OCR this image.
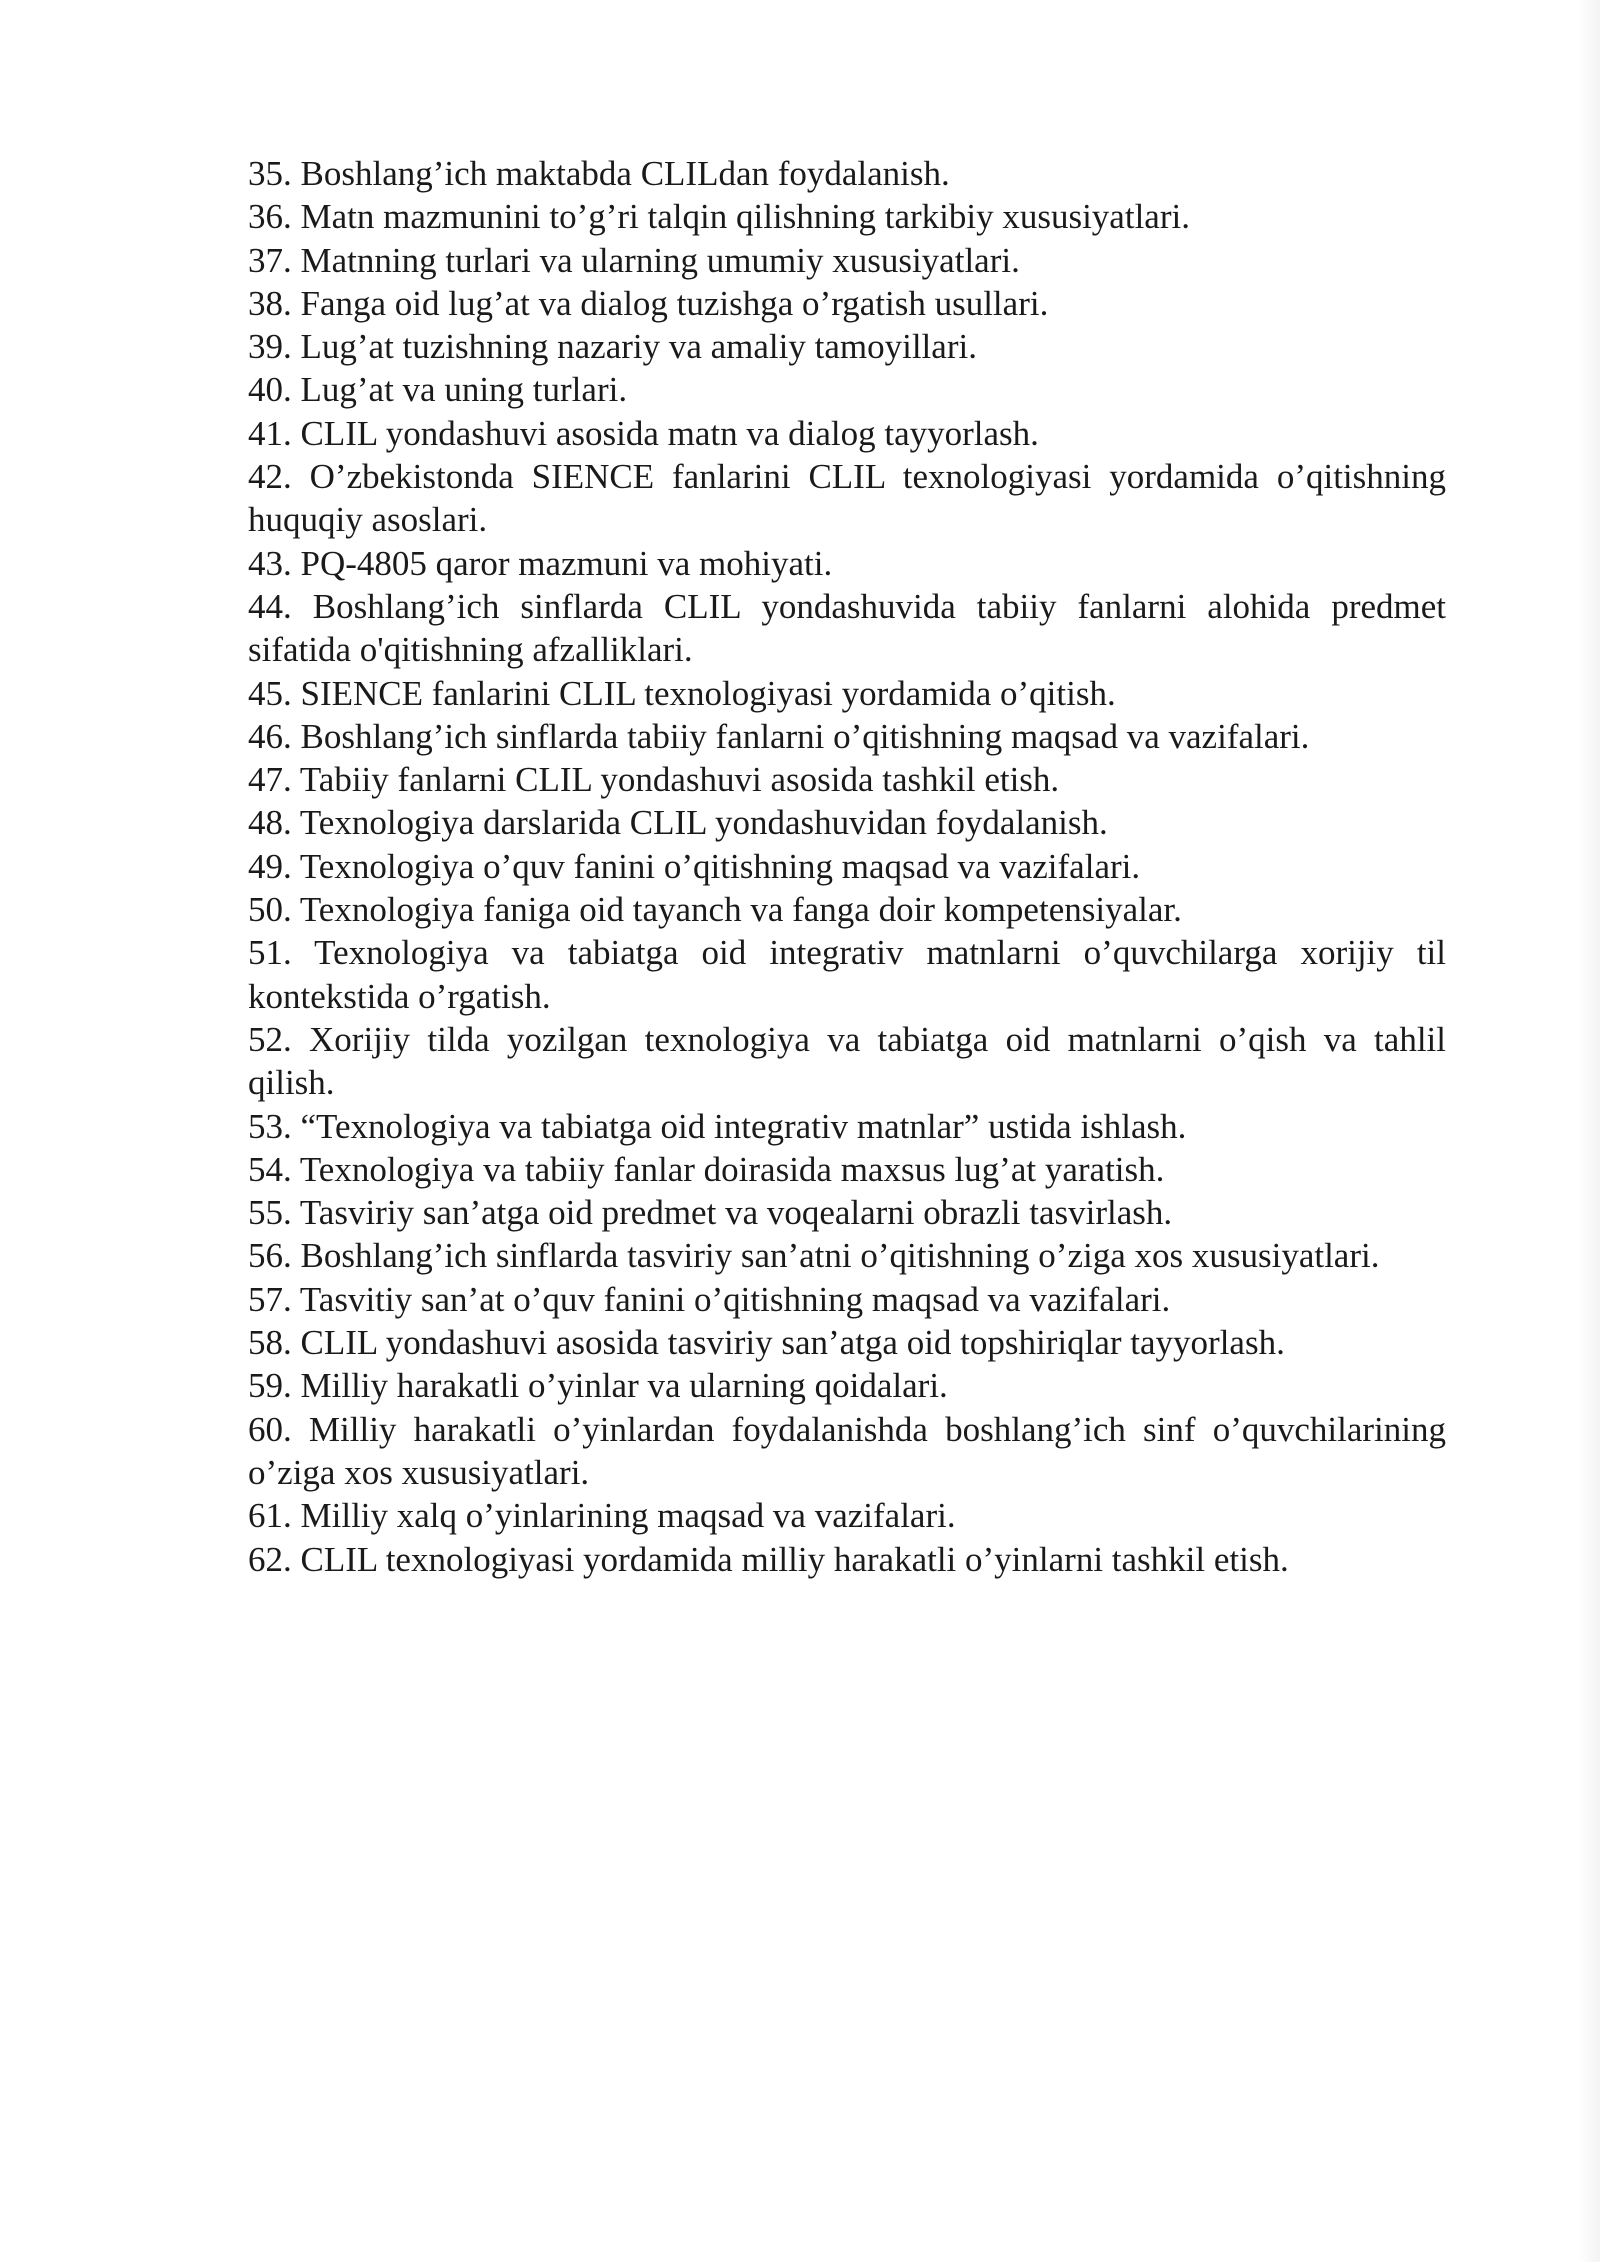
35. Boshlang’ich maktabda CLILdan foydalanish.

36. Matn mazmunini to’g’ri talqin qilishning tarkibiy xususiyatlari.

37. Matnning turlari va ularning umumiy xususiyatlari.

38. Fanga oid lug’at va dialog tuzishga o’rgatish usullari.

39. Lug’at tuzishning nazariy va amaliy tamoyillari.

40. Lug’at va uning turlari.

41. CLIL yondashuvi asosida matn va dialog tayyorlash.

42. O’zbekistonda SIENCE fanlarini CLIL texnologiyasi yordamida o’qitishning huquqiy asoslari.

43. PQ-4805 qaror mazmuni va mohiyati.

44. Boshlang’ich sinflarda CLIL yondashuvida tabiiy fanlarni alohida predmet sifatida o'qitishning afzalliklari.

45. SIENCE fanlarini CLIL texnologiyasi yordamida o’qitish.

46. Boshlang’ich sinflarda tabiiy fanlarni o’qitishning maqsad va vazifalari.

47. Tabiiy fanlarni CLIL yondashuvi asosida tashkil etish.

48. Texnologiya darslarida CLIL yondashuvidan foydalanish.

49. Texnologiya o’quv fanini o’qitishning maqsad va vazifalari.

50. Texnologiya faniga oid tayanch va fanga doir kompetensiyalar.

51. Texnologiya va tabiatga oid integrativ matnlarni o’quvchilarga xorijiy til kontekstida o’rgatish.

52. Xorijiy tilda yozilgan texnologiya va tabiatga oid matnlarni o’qish va tahlil qilish.

53. “Texnologiya va tabiatga oid integrativ matnlar” ustida ishlash.

54. Texnologiya va tabiiy fanlar doirasida maxsus lug’at yaratish.

55. Tasviriy san’atga oid predmet va voqealarni obrazli tasvirlash.

56. Boshlang’ich sinflarda tasviriy san’atni o’qitishning o’ziga xos xususiyatlari.

57. Tasvitiy san’at o’quv fanini o’qitishning maqsad va vazifalari.

58. CLIL yondashuvi asosida tasviriy san’atga oid topshiriqlar tayyorlash.

59. Milliy harakatli o’yinlar va ularning qoidalari.

60. Milliy harakatli o’yinlardan foydalanishda boshlang’ich sinf o’quvchilarining o’ziga xos xususiyatlari.

61. Milliy xalq o’yinlarining maqsad va vazifalari.

62. CLIL texnologiyasi yordamida milliy harakatli o’yinlarni tashkil etish.
